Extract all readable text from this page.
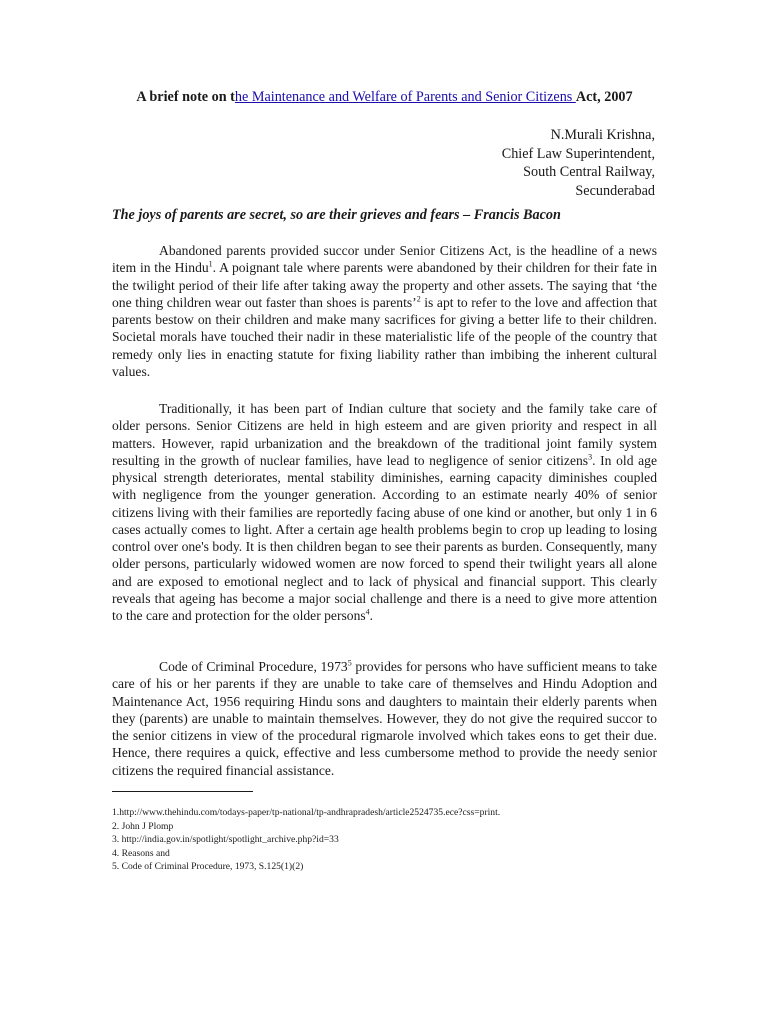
A brief note on the Maintenance and Welfare of Parents and Senior Citizens Act, 2007
N.Murali Krishna,
Chief Law Superintendent,
South Central Railway,
Secunderabad
The joys of parents are secret, so are their grieves and fears – Francis Bacon

Abandoned parents provided succor under Senior Citizens Act, is the headline of a news item in the Hindu$^1$. A poignant tale where parents were abandoned by their children for their fate in the twilight period of their life after taking away the property and other assets. The saying that ‘the one thing children wear out faster than shoes is parents’$^2$ is apt to refer to the love and affection that parents bestow on their children and make many sacrifices for giving a better life to their children. Societal morals have touched their nadir in these materialistic life of the people of the country that remedy only lies in enacting statute for fixing liability rather than imbibing the inherent cultural values.

Traditionally, it has been part of Indian culture that society and the family take care of older persons. Senior Citizens are held in high esteem and are given priority and respect in all matters. However, rapid urbanization and the breakdown of the traditional joint family system resulting in the growth of nuclear families, have lead to negligence of senior citizens$^3$. In old age physical strength deteriorates, mental stability diminishes, earning capacity diminishes coupled with negligence from the younger generation. According to an estimate nearly 40% of senior citizens living with their families are reportedly facing abuse of one kind or another, but only 1 in 6 cases actually comes to light. After a certain age health problems begin to crop up leading to losing control over one's body. It is then children began to see their parents as burden. Consequently, many older persons, particularly widowed women are now forced to spend their twilight years all alone and are exposed to emotional neglect and to lack of physical and financial support. This clearly reveals that ageing has become a major social challenge and there is a need to give more attention to the care and protection for the older persons$^4$.

Code of Criminal Procedure, 1973$^5$ provides for persons who have sufficient means to take care of his or her parents if they are unable to take care of themselves and Hindu Adoption and Maintenance Act, 1956 requiring Hindu sons and daughters to maintain their elderly parents when they (parents) are unable to maintain themselves. However, they do not give the required succor to the senior citizens in view of the procedural rigmarole involved which takes eons to get their due. Hence, there requires a quick, effective and less cumbersome method to provide the needy senior citizens the required financial assistance.

1.http://www.thehindu.com/todays-paper/tp-national/tp-andhrapradesh/article2524735.ece?css=print.
2. John J Plomp
3. http://india.gov.in/spotlight/spotlight_archive.php?id=33
4. Reasons and
5. Code of Criminal Procedure, 1973, S.125(1)(2)
